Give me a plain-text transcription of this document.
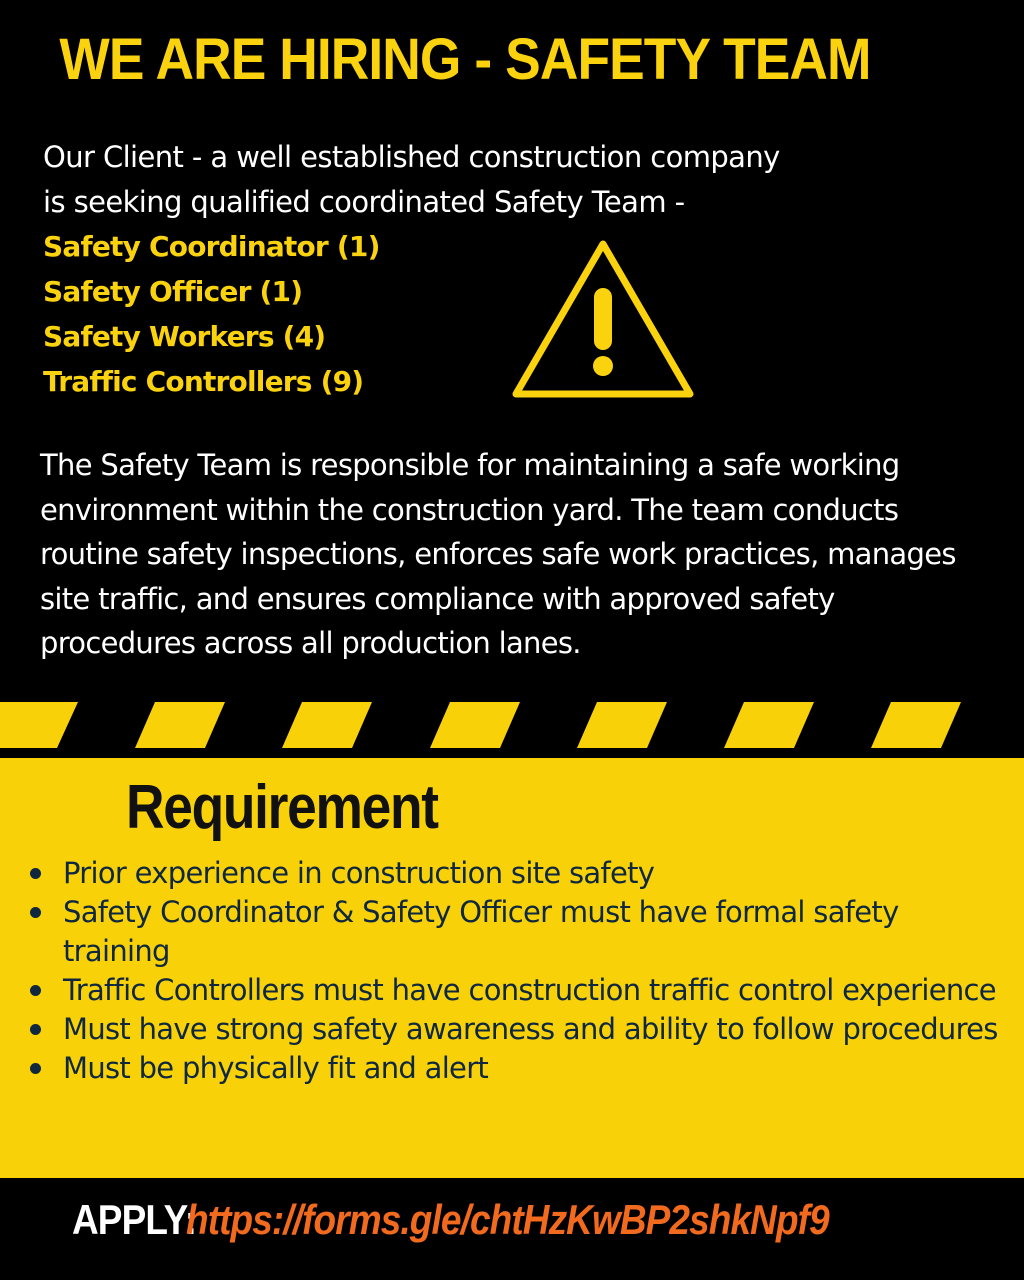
WE ARE HIRING - SAFETY TEAM
Our Client - a well established construction company
is seeking qualified coordinated Safety Team -
Safety Coordinator (1)
Safety Officer (1)
Safety Workers (4)
Traffic Controllers (9)
The Safety Team is responsible for maintaining a safe working environment within the construction yard. The team conducts routine safety inspections, enforces safe work practices, manages site traffic, and ensures compliance with approved safety procedures across all production lanes.
Requirement
Prior experience in construction site safety
Safety Coordinator & Safety Officer must have formal safety training
Traffic Controllers must have construction traffic control experience
Must have strong safety awareness and ability to follow procedures
Must be physically fit and alert
APPLY:
https://forms.gle/chtHzKwBP2shkNpf9
